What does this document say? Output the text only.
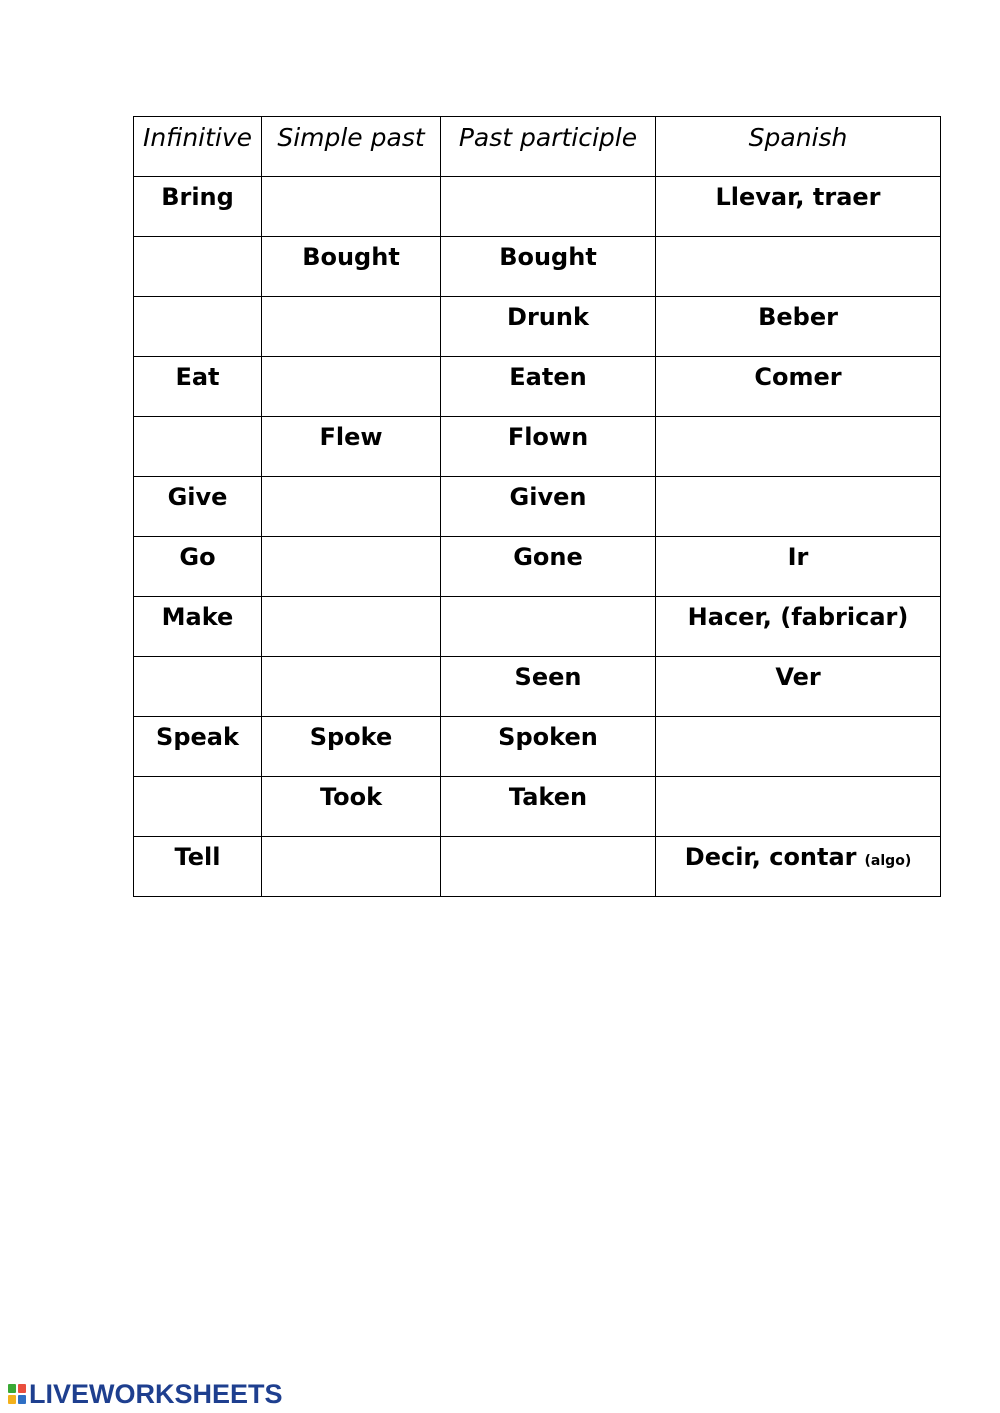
Infinitive	Simple past	Past participle	Spanish
Bring			Llevar, traer
	Bought	Bought	
		Drunk	Beber
Eat		Eaten	Comer
	Flew	Flown	
Give		Given	
Go		Gone	Ir
Make			Hacer, (fabricar)
		Seen	Ver
Speak	Spoke	Spoken	
	Took	Taken	
Tell			Decir, contar (algo)
LIVEWORKSHEETS
